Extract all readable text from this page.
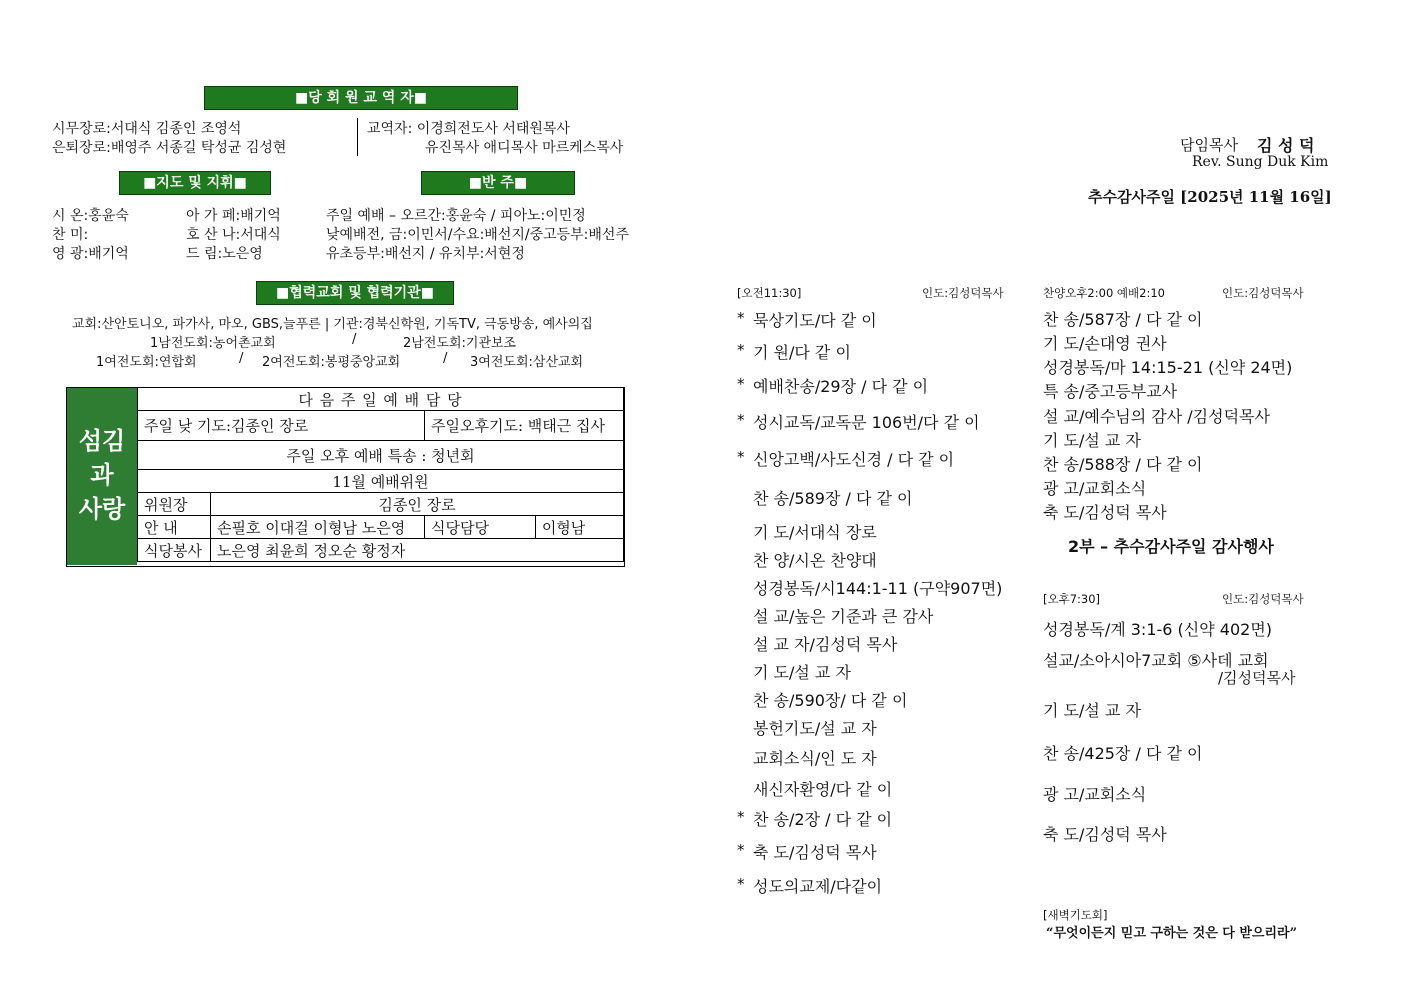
■당 회 원 교 역 자■
시무장로:서대식 김종인 조영석
은퇴장로:배영주 서종길 탁성균 김성현
교역자: 이경희전도사 서태원목사
유진목사 애디목사 마르케스목사
■지도 및 지휘■	■반 주■
시 온:홍윤숙
찬 미:
영 광:배기억
아 가 페:배기억
호 산 나:서대식
드 림:노은영
주일 예배 – 오르간:홍윤숙 / 피아노:이민정
낮예배전, 금:이민서/수요:배선지/중고등부:배선주
유초등부:배선지 / 유치부:서현정
■협력교회 및 협력기관■
교회:산안토니오, 파가사, 마오, GBS,늘푸른 | 기관:경북신학원, 기독TV, 극동방송, 예사의집
1남전도회:농어촌교회	/	2남전도회:기관보조
1여전도회:연합회	/ 2여전도회:봉평중앙교회	/ 3여전도회:삼산교회
섬김
과
사랑
다 음 주 일 예 배 담 당			
주일 낮 기도:김종인 장로		주일오후기도: 백태근 집사	
주일 오후 예배 특송 : 청년회			
11월 예배위원			
위원장	김종인 장로		
안 내	손필호 이대걸 이형남 노은영	식당담당	이형남
식당봉사	노은영 최윤희 정오순 황정자		
담임목사 김 성 덕
Rev. Sung Duk Kim
추수감사주일 [2025년 11월 16일]
[오전11:30]	인도:김성덕목사
* 묵상기도/다 같 이
* 기 원/다 같 이
* 예배찬송/29장 / 다 같 이
* 성시교독/교독문 106번/다 같 이
* 신앙고백/사도신경 / 다 같 이
찬 송/589장 / 다 같 이
기 도/서대식 장로
찬 양/시온 찬양대
성경봉독/시144:1-11 (구약907면)
설 교/높은 기준과 큰 감사
설 교 자/김성덕 목사
기 도/설 교 자
찬 송/590장/ 다 같 이
봉헌기도/설 교 자
교회소식/인 도 자
새신자환영/다 같 이
* 찬 송/2장 / 다 같 이
* 축 도/김성덕 목사
* 성도의교제/다같이
찬양오후2:00 예배2:10	인도:김성덕목사
찬 송/587장 / 다 같 이
기 도/손대영 권사
성경봉독/마 14:15-21 (신약 24면)
특 송/중고등부교사
설 교/예수님의 감사 /김성덕목사
기 도/설 교 자
찬 송/588장 / 다 같 이
광 고/교회소식
축 도/김성덕 목사
2부 – 추수감사주일 감사행사
[오후7:30]	인도:김성덕목사
성경봉독/계 3:1-6 (신약 402면)
설교/소아시아7교회 ⑤사데 교회
/김성덕목사
기 도/설 교 자
찬 송/425장 / 다 같 이
광 고/교회소식
축 도/김성덕 목사
[새벽기도회]
“무엇이든지 믿고 구하는 것은 다 받으리라”
